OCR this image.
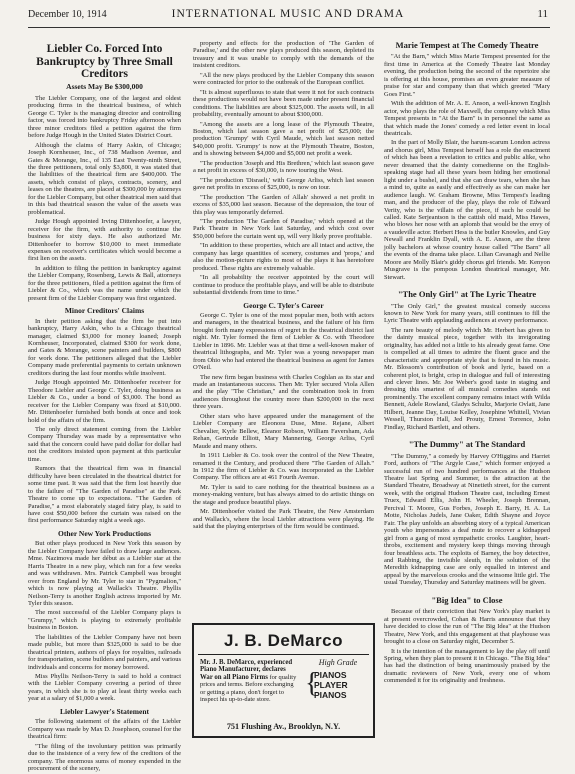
December 10, 1914	INTERNATIONAL MUSIC AND DRAMA	11
Liebler Co. Forced Into Bankruptcy by Three Small Creditors
Assets May Be $300,000

The Liebler Company, one of the largest and oldest producing firms in the theatrical business, of which George C. Tyler is the managing director and controlling factor, was forced into bankruptcy Friday afternoon when three minor creditors filed a petition against the firm before Judge Hough in the United States District Court.

Although the claims of Harry Askin, of Chicago; Joseph Kornheuser, Inc., of 738 Madison Avenue, and Gates & Morange, Inc., of 135 East Twenty-ninth Street, the three petitioners, total only $3,800, it was stated that the liabilities of the theatrical firm are $400,000. The assets, which consist of plays, contracts, scenery, and leases on the theatres, are placed at $300,000 by attorneys for the Liebler Company, but other theatrical men said that in this bad theatrical season the value of the assets was problematical.

Judge Hough appointed Irving Dittenhoefer, a lawyer, receiver for the firm, with authority to continue the business for sixty days. He also authorized Mr. Dittenhoefer to borrow $10,000 to meet immediate expenses on receiver's certificates which would become a first lien on the assets.

In addition to filing the petition in bankruptcy against the Liebler Company, Rosenberg, Lewis & Ball, attorneys for the three petitioners, filed a petition against the firm of Liebler & Co., which was the name under which the present firm of the Liebler Company was first organized.

Minor Creditors' Claims

In their petition asking that the firm be put into bankruptcy, Harry Askin, who is a Chicago theatrical manager, claimed $3,000 for money loaned; Joseph Kornheuser, Incorporated, claimed $300 for work done, and Gates & Morange, scene painters and builders, $800 for work done. The petitioners alleged that the Liebler Company made preferential payments to certain unknown creditors during the last four months while insolvent.

Judge Hough appointed Mr. Dittenhoefer receiver for Theodore Liebler and George C. Tyler, doing business as Liebler & Co., under a bond of $3,000. The bond as receiver for the Liebler Company was fixed at $10,000. Mr. Dittenhoefer furnished both bonds at once and took hold of the affairs of the firm.

The only direct statement coming from the Liebler Company Thursday was made by a representative who said that the concern could have paid dollar for dollar had not the creditors insisted upon payment at this particular time.

Rumors that the theatrical firm was in financial difficulty have been circulated in the theatrical district for some time past. It was said that the firm lost heavily due to the failure of "The Garden of Paradise" at the Park Theatre to come up to expectations. "The Garden of Paradise," a most elaborately staged fairy play, is said to have cost $50,000 before the curtain was raised on the first performance Saturday night a week ago.

Other New York Productions

But other plays produced in New York this season by the Liebler Company have failed to draw large audiences. Mme. Nazimova made her début as a Liebler star at the Harris Theatre in a new play, which ran for a few weeks and was withdrawn. Mrs. Patrick Campbell was brought over from England by Mr. Tyler to star in "Pygmalion," which is now playing at Wallack's Theatre. Phyllis Neilson-Terry is another English actress imported by Mr. Tyler this season.

The most successful of the Liebler Company plays is "Grumpy," which is playing to extremely profitable business in Boston.

The liabilities of the Liebler Company have not been made public, but more than $325,000 is said to be due theatrical printers, authors of plays for royalties, railroads for transportation, scene builders and painters, and various individuals and concerns for money borrowed.

Miss Phyllis Neilson-Terry is said to hold a contract with the Liebler Company covering a period of three years, in which she is to play at least thirty weeks each year at a salary of $1,000 a week.

Liebler Lawyer's Statement

The following statement of the affairs of the Liebler Company was made by Max D. Josephson, counsel for the theatrical firm:

"The filing of the involuntary petition was primarily due to the insistence of a very few of the creditors of the company. The enormous sums of money expended in the procurement of the scenery,

property and effects for the production of 'The Garden of Paradise,' and the other new plays produced this season, depleted its treasury and it was unable to comply with the demands of the insistent creditors.

"All the new plays produced by the Liebler Company this season were contracted for prior to the outbreak of the European conflict.

"It is almost superfluous to state that were it not for such contracts these productions would not have been made under present financial conditions. The liabilities are about $325,000. The assets will, in all probability, eventually amount to about $300,000.

"Among the assets are a long lease of the Plymouth Theatre, Boston, which last season gave a net profit of $25,000; the production 'Grumpy' with Cyril Maude, which last season netted $40,000 profit. 'Grumpy' is now at the Plymouth Theatre, Boston, and is showing between $4,000 and $5,000 net profit a week.

"The production 'Joseph and His Brethren,' which last season gave a net profit in excess of $30,000, is now touring the West.

"The production 'Disraeli,' with George Arliss, which last season gave net profits in excess of $25,000, is now on tour.

"The production 'The Garden of Allah' showed a net profit in excess of $35,000 last season. Because of the depression, the tour of this play was temporarily deferred.

"The production 'The Garden of Paradise,' which opened at the Park Theatre in New York last Saturday, and which cost over $50,000 before the curtain went up, will very likely prove profitable.

"In addition to these properties, which are all intact and active, the company has large quantities of scenery, costumes and 'props,' and also the motion-picture rights to most of the plays it has heretofore produced. These rights are extremely valuable.

"In all probability the receiver appointed by the court will continue to produce the profitable plays, and will be able to distribute substantial dividends from time to time."

George C. Tyler's Career

George C. Tyler is one of the most popular men, both with actors and managers, in the theatrical business, and the failure of his firm brought forth many expressions of regret in the theatrical district last night. Mr. Tyler formed the firm of Liebler & Co. with Theodore Liebler in 1896. Mr. Liebler was at that time a well-known maker of theatrical lithographs, and Mr. Tyler was a young newspaper man from Ohio who had entered the theatrical business as agent for James O'Neil.

The new firm began business with Charles Coghlan as its star and made an instantaneous success. Then Mr. Tyler secured Viola Allen and the play "The Christian," and the combination took in from audiences throughout the country more than $200,000 in the next three years.

Other stars who have appeared under the management of the Liebler Company are Eleonora Duse, Mme. Rejane, Albert Chevalier, Kyrle Bellew, Eleanor Robson, William Faversham, Ada Rehan, Gertrude Elliott, Mary Mannering, George Arliss, Cyril Maude and many others.

In 1911 Liebler & Co. took over the control of the New Theatre, renamed it the Century, and produced there "The Garden of Allah." In 1912 the firm of Liebler & Co. was incorporated as the Liebler Company. The offices are at 461 Fourth Avenue.

Mr. Tyler is said to care nothing for the theatrical business as a money-making venture, but has always aimed to do artistic things on the stage and produce beautiful plays.

Mr. Dittenhoefer visited the Park Theatre, the New Amsterdam and Wallack's, where the local Liebler attractions were playing. He said that the playing enterprises of the firm would be continued.

J. B. DeMarco
Mr. J. B. DeMarco, experienced Piano Manufacturer, declares War on all Piano Firms for quality prices and terms. Before exchanging or getting a piano, don't forget to inspect his up-to-date store.
High Grade
{
PIANOS
PLAYER
PIANOS
751 Flushing Av., Brooklyn, N.Y.
Marie Tempest at The Comedy Theatre

"At the Barn," which Miss Marie Tempest presented for the first time in America at the Comedy Theatre last Monday evening, the production being the second of the repertoire she is offering at this house, promises an even greater measure of praise for star and company than that which greeted "Mary Goes First."

With the addition of Mr. A. E. Anson, a well-known English actor, who plays the role of Maxwell, the company which Miss Tempest presents in "At the Barn" is in personnel the same as that which made the Jones' comedy a red letter event in local theatricals.

In the part of Molly Blair, the harum-scarum London actress and chorus girl, Miss Tempest herself has a role the enactment of which has been a revelation to critics and public alike, who never dreamed that the dainty comedienne on the English-speaking stage had all these years been hiding her emotional light under a bushel, and that she can draw tears, when she has a mind to, quite as easily and effectively as she can make her audience laugh. W. Graham Browne, Miss Tempest's leading man, and the producer of the play, plays the role of Edward Verity, who is the villain of the piece, if such he could be called. Kate Serjeantson is the cattish old maid, Miss Hawes, who blows her nose with an aplomb that would be the envy of a vaudeville actor. Herbert Hess is the butler Knowles, and Guy Newall and Franklin Dyall, with A. E. Anson, are the three jolly bachelors at whose country house called "The Barn" all the events of the drama take place. Lilian Cavanagh and Nellie Moore are Molly Blair's giddy chorus girl friends. Mr. Kenyon Musgrave is the pompous London theatrical manager, Mr. Stewart.

"The Only Girl" at The Lyric Theatre

"The Only Girl," the greatest musical comedy success known to New York for many years, still continues to fill the Lyric Theatre with applauding audiences at every performance.

The rare beauty of melody which Mr. Herbert has given to the dainty musical piece, together with its invigorating originality, has added not a little to his already great fame. One is compelled at all times to admire the fluent grace and the characteristic and appropriate style that is found in his music. Mr. Blossom's contribution of book and lyric, based on a coherent plot, is bright, crisp in dialogue and full of interesting and clever lines. Mr. Joe Weber's good taste in staging and dressing this smartest of all musical comedies stands out prominently. The excellent company remains intact with Wilda Bennett, Adele Rowland, Gladys Schultz, Marjorie Ovlatt, Jane Hilbert, Jeanne Day, Louise Kelley, Josephine Whittell, Vivian Wessell, Thurston Hall, Jed Prouty, Ernest Torrence, John Findlay, Richard Bartlett, and others.

"The Dummy" at The Standard

"The Dummy," a comedy by Harvey O'Higgins and Harriet Ford, authors of "The Argyle Case," which former enjoyed a successful run of two hundred performances at the Hudson Theatre last Spring and Summer, is the attraction at the Standard Theatre, Broadway at Ninetieth street, for the current week, with the original Hudson Theatre cast, including Ernest Truex, Edward Ellis, John H. Wheeler, Joseph Brennan, Percival T. Moore, Gus Forbes, Joseph E. Barry, H. A. La Motte, Nicholas Judels, Jane Oaker, Edith Shayne and Joyce Fair. The play unfolds an absorbing story of a typical American youth who impersonates a deaf mute to recover a kidnapped girl from a gang of most sympathetic crooks. Laughter, heart-throbs, excitement and mystery keep things moving through four breathless acts. The exploits of Barney, the boy detective, and Rabbing, the invisible sleuth, in the solution of the Meredith kidnapping case are only equalled in interest and appeal by the marvelous crooks and the winsome little girl. The usual Tuesday, Thursday and Saturday matinees will be given.

"Big Idea" to Close

Because of their conviction that New York's play market is at present overcrowded, Cohan & Harris announce that they have decided to close the run of "The Big Idea" at the Hudson Theatre, New York, and this engagement at that playhouse was brought to a close on Saturday night, December 5.

It is the intention of the management to lay the play off until Spring, when they plan to present it in Chicago. "The Big Idea" has had the distinction of being unanimously praised by the dramatic reviewers of New York, every one of whom commended it for its originality and freshness.
